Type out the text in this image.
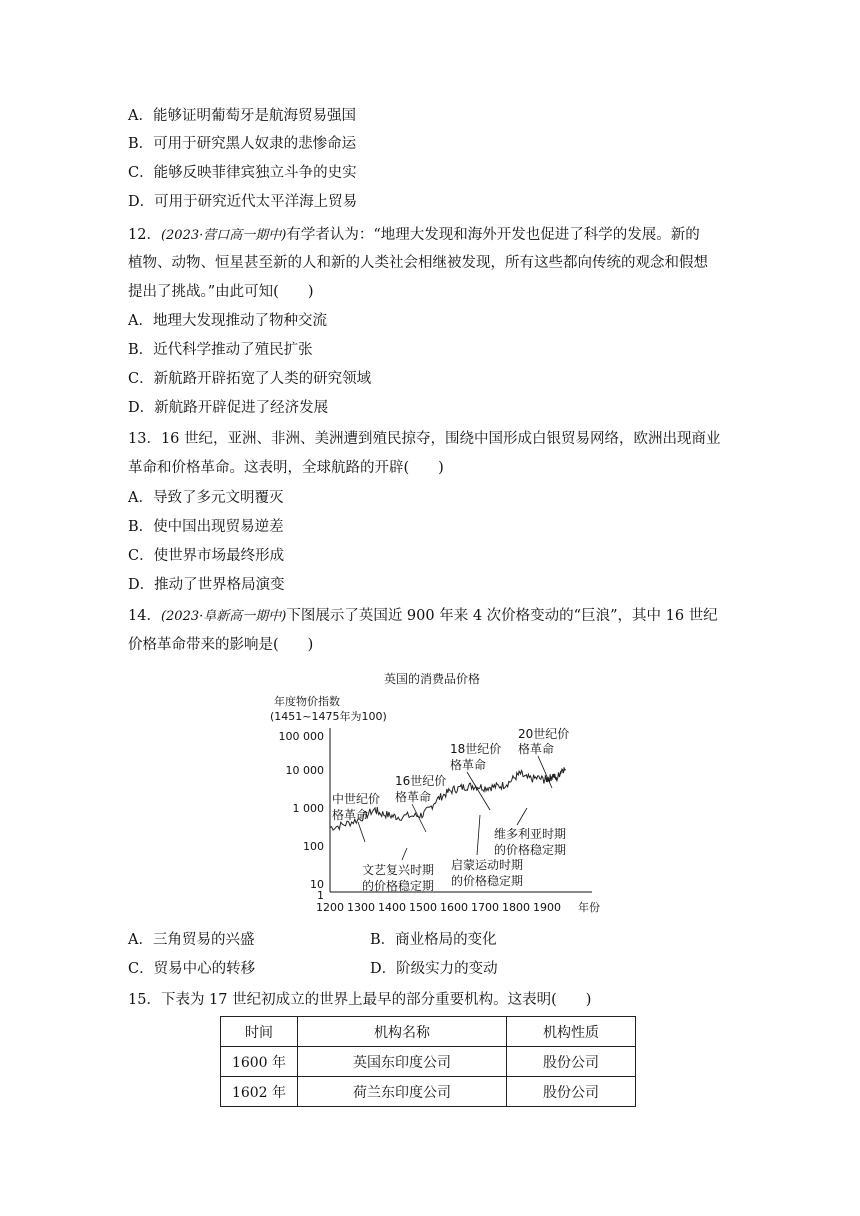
A．能够证明葡萄牙是航海贸易强国
B．可用于研究黑人奴隶的悲惨命运
C．能够反映菲律宾独立斗争的史实
D．可用于研究近代太平洋海上贸易
12．(2023·营口高一期中)有学者认为：“地理大发现和海外开发也促进了科学的发展。新的
植物、动物、恒星甚至新的人和新的人类社会相继被发现，所有这些都向传统的观念和假想
提出了挑战。”由此可知(　　)
A．地理大发现推动了物种交流
B．近代科学推动了殖民扩张
C．新航路开辟拓宽了人类的研究领域
D．新航路开辟促进了经济发展
13．16 世纪，亚洲、非洲、美洲遭到殖民掠夺，围绕中国形成白银贸易网络，欧洲出现商业
革命和价格革命。这表明，全球航路的开辟(　　)
A．导致了多元文明覆灭
B．使中国出现贸易逆差
C．使世界市场最终形成
D．推动了世界格局演变
14．(2023·阜新高一期中)下图展示了英国近 900 年来 4 次价格变动的“巨浪”，其中 16 世纪
价格革命带来的影响是(　　)
英国的消费品价格
年度物价指数
(1451~1475年为100)
100 000
10 000
1 000
100
10
1
1200 1300 1400 1500 1600 1700 1800 1900 年份
中世纪价
格革命
16世纪价
格革命
18世纪价
格革命
20世纪价
格革命
文艺复兴时期
的价格稳定期
启蒙运动时期
的价格稳定期
维多利亚时期
的价格稳定期
A．三角贸易的兴盛	B．商业格局的变化
C．贸易中心的转移	D．阶级实力的变动
15．下表为 17 世纪初成立的世界上最早的部分重要机构。这表明(　　)
时间	机构名称	机构性质
1600 年	英国东印度公司	股份公司
1602 年	荷兰东印度公司	股份公司
